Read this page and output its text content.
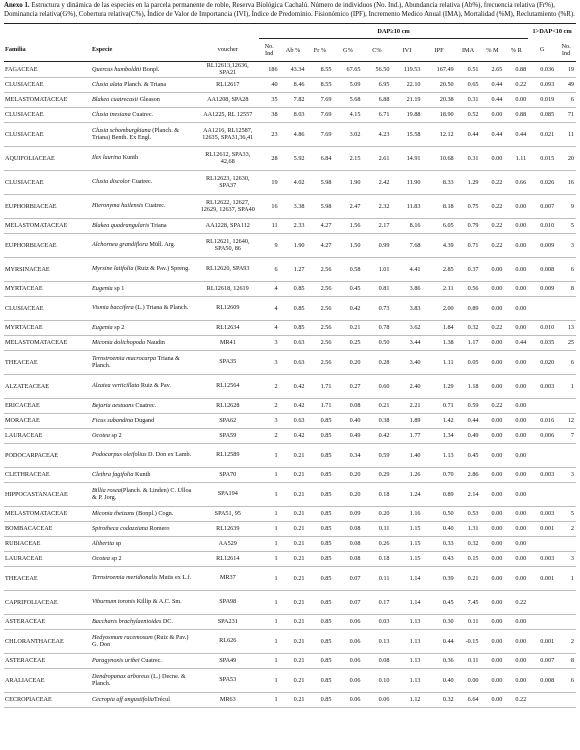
Anexo 1. Estructura y dinámica de las especies en la parcela permanente de roble, Reserva Biológica Cachalú. Número de individuos (No. Ind.), Abundancia relativa (Ab%), frecuencia relativa (Fr%), Dominancia relativa(G%), Cobertura relativa(C%), Índice de Valor de Importancia (IVI), Índice de Predominio. Fisionómico (IPF), Incremento Medico Anual (IMA), Mortalidad (%M), Reclutamiento (%R).

			DAP≥10 cm										1>DAP<10 cm	
Familia	Especie	voucher	No. Ind	Ab %	Fr %	G%	C%	IVI	IPF	IMA	% M	% R	G	No. Ind
FAGACEAE	Quercus humboldtii Bonpl.	RL12613,12636, SPA21	186	43.34	8.55	67.65	56.50	119.53	167.49	0.51	2.65	0.88	0.036	19
CLUSIACEAE	Clusia alata Planch. & Triana	RL12617	40	8.46	8.55	5.09	6.95	22.10	20.50	0.65	0.44	0.22	0.093	49
MELASTOMATACEAE	Blakea cuatrecasii Gleason	AA1208, SPA28	35	7.82	7.69	5.68	6.88	21.19	20.38	0.31	0.44	0.00	0.019	6
CLUSIACEAE	Clusia inesiana Cuatrec.	AA1225, RL 12557	38	8.03	7.69	4.15	6.71	19.88	18.90	0.52	0.00	0.88	0.085	71
CLUSIACEAE	Clusia schomburgkiana (Planch. & Triana) Benth. Ex Engl.	AA1216, RL12587, 12635, SPA31,36,41	23	4.86	7.69	3.02	4.23	15.58	12.12	0.44	0.44	0.44	0.021	11
AQUIFOLIACEAE	Ilex laurina Kunth	RL12612, SPA33, 42,68	28	5.92	6.84	2.15	2.61	14.91	10.68	0.31	0.00	1.11	0.015	20
CLUSIACEAE	Clusia discolor Cuatrec.	RL12623, 12630, SPA37	19	4.02	5.98	1.90	2.42	11.90	8.33	1.29	0.22	0.66	0.026	16
EUPHORBIACEAE	Hieronyma huilensis Cuatrec.	RL12622, 12627, 12629, 12637, SPA40	16	3.38	5.98	2.47	2.32	11.83	8.18	0.75	0.22	0.00	0.007	9
MELASTOMATACEAE	Blakea quadrangularis Triana	AA1228, SPA112	11	2.33	4.27	1.56	2.17	8.16	6.05	0.79	0.22	0.00	0.010	5
EUPHORBIACEAE	Alchornea grandiflora Müll. Arg.	RL12621, 12640, SPA50, 86	9	1.90	4.27	1.50	0.99	7.68	4.39	0.71	0.22	0.00	0.009	3
MYRSINACEAE	Myrsine latifolia (Ruiz & Pav.) Spreng.	RL12620, SPA93	6	1.27	2.56	0.58	1.01	4.41	2.85	0.37	0.00	0.00	0.008	6
MYRTACEAE	Eugenia sp 1	RL12618, 12619	4	0.85	2.56	0.45	0.81	3.86	2.11	0.56	0.00	0.00	0.009	8
CLUSIACEAE	Vismia baccifera (L.) Triana & Planch.	RL12609	4	0.85	2.56	0.42	0.73	3.83	2.00	0.89	0.00	0.00		
MYRTACEAE	Eugenia sp 2	RL12634	4	0.85	2.56	0.21	0.78	3.62	1.84	0.32	0.22	0.00	0.010	13
MELASTOMATACEAE	Miconia dolichopoda Naudin	MR41	3	0.63	2.56	0.25	0.50	3.44	1.38	1.17	0.00	0.44	0.035	25
THEACEAE	Ternstroemia macrocarpa Triana & Planch.	SPA35	3	0.63	2.56	0.20	0.28	3.40	1.11	0.05	0.00	0.00	0.020	6
ALZATEACEAE	Alzatea verticillata Ruiz & Pav.	RL12564	2	0.42	1.71	0.27	0.60	2.40	1.29	1.18	0.00	0.00	0.003	1
ERICACEAE	Bejaria aestuans Cuatrec.	RL12628	2	0.42	1.71	0.08	0.21	2.21	0.71	0.59	0.22	0.00		
MORACEAE	Ficus subandina Dugand	SPA62	3	0.63	0.85	0.40	0.38	1.89	1.42	0.44	0.00	0.00	0.016	12
LAURACEAE	Ocotea sp 2	SPA59	2	0.42	0.85	0.49	0.42	1.77	1.34	0.49	0.00	0.00	0.006	7
PODOCARPACEAE	Podocarpus oleifolius D. Don ex Lamb.	RL12589	1	0.21	0.85	0.34	0.59	1.40	1.13	0.45	0.00	0.00		
CLETHRACEAE	Clethra fagifolia Kunth	SPA70	1	0.21	0.85	0.20	0.29	1.26	0.70	2.86	0.00	0.00	0.003	3
HIPPOCASTANACEAE	Billia rosea(Planch. & Linden) C. Ulloa & P. Jorg.	SPA194	1	0.21	0.85	0.20	0.18	1.24	0.89	2.14	0.00	0.00		
MELASTOMATACEAE	Miconia theizans (Bonpl.) Cogn.	SPA51, 95	1	0.21	0.85	0.09	0.20	1.16	0.50	0.53	0.00	0.00	0.003	5
BOMBACACEAE	Spirotheca codazziana Romero	RL12639	1	0.21	0.85	0.08	0.11	1.15	0.40	1.31	0.00	0.00	0.001	2
RUBIACEAE	Alibertia sp	AA529	1	0.21	0.85	0.08	0.26	1.15	0.33	0.32	0.00	0.00		
LAURACEAE	Ocotea sp 2	RL12614	1	0.21	0.85	0.08	0.18	1.15	0.43	0.15	0.00	0.00	0.003	3
THEACEAE	Ternstroemia meridionalis Mutis ex L.f.	MR37	1	0.21	0.85	0.07	0.11	1.14	0.39	0.21	0.00	0.00	0.001	1
CAPRIFOLIACEAE	Viburnum toronis Killip & A.C. Sm.	SPA98	1	0.21	0.85	0.07	0.17	1.14	0.45	7.45	0.00	0.22		
ASTERACEAE	Baccharis brachylaenioides DC.	SPA231	1	0.21	0.85	0.06	0.03	1.13	0.30	0.11	0.00	0.00		
CHLORANTHACEAE	Hedyosmum racemosum (Ruiz & Pav.) G. Don	RL626	1	0.21	0.85	0.06	0.13	1.13	0.44	-0.15	0.00	0.00	0.001	2
ASTERACEAE	Paragynoxis uribei Cuatrec.	SPA49	1	0.21	0.85	0.06	0.08	1.13	0.36	0.11	0.00	0.00	0.007	8
ARALIACEAE	Dendropanax arboreus (L.) Decne. & Planch.	SPA53	1	0.21	0.85	0.06	0.10	1.13	0.40	0.00	0.00	0.00	0.008	6
CECROPIACEAE	Cecropia aff angustifoliaTrécul	MR63	1	0.21	0.85	0.06	0.06	1.12	0.32	6.64	0.00	0.22		
